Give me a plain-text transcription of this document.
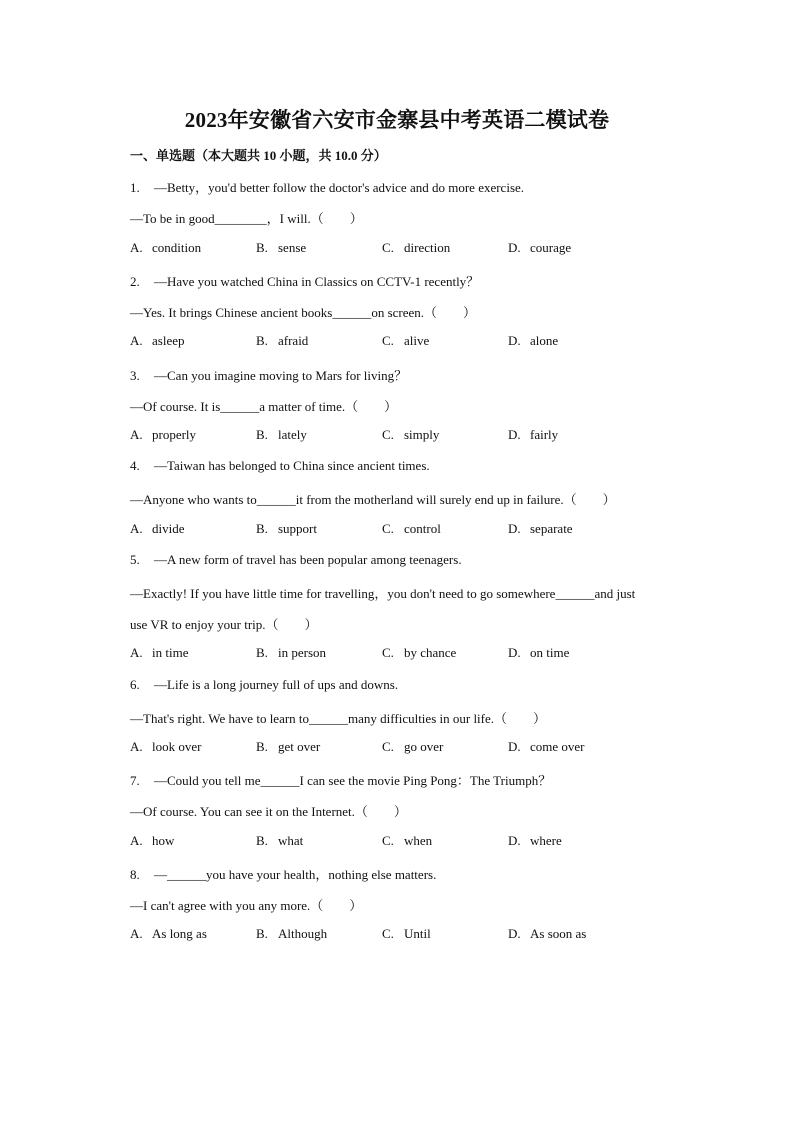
2023年安徽省六安市金寨县中考英语二模试卷
一、单选题（本大题共 10 小题，共 10.0 分）
1. —Betty，you'd better follow the doctor's advice and do more exercise.
—To be in good________，I will.（　　）
A. condition	B. sense	C. direction	D. courage
2. —Have you watched China in Classics on CCTV-1 recently？
—Yes. It brings Chinese ancient books______on screen.（　　）
A. asleep	B. afraid	C. alive	D. alone
3. —Can you imagine moving to Mars for living？
—Of course. It is______a matter of time.（　　）
A. properly	B. lately	C. simply	D. fairly
4. —Taiwan has belonged to China since ancient times.
—Anyone who wants to______it from the motherland will surely end up in failure.（　　）
A. divide	B. support	C. control	D. separate
5. —A new form of travel has been popular among teenagers.
—Exactly! If you have little time for travelling，you don't need to go somewhere______and just
use VR to enjoy your trip.（　　）
A. in time	B. in person	C. by chance	D. on time
6. —Life is a long journey full of ups and downs.
—That's right. We have to learn to______many difficulties in our life.（　　）
A. look over	B. get over	C. go over	D. come over
7. —Could you tell me______I can see the movie Ping Pong：The Triumph？
—Of course. You can see it on the Internet.（　　）
A. how	B. what	C. when	D. where
8. —______you have your health，nothing else matters.
—I can't agree with you any more.（　　）
A. As long as	B. Although	C. Until	D. As soon as
